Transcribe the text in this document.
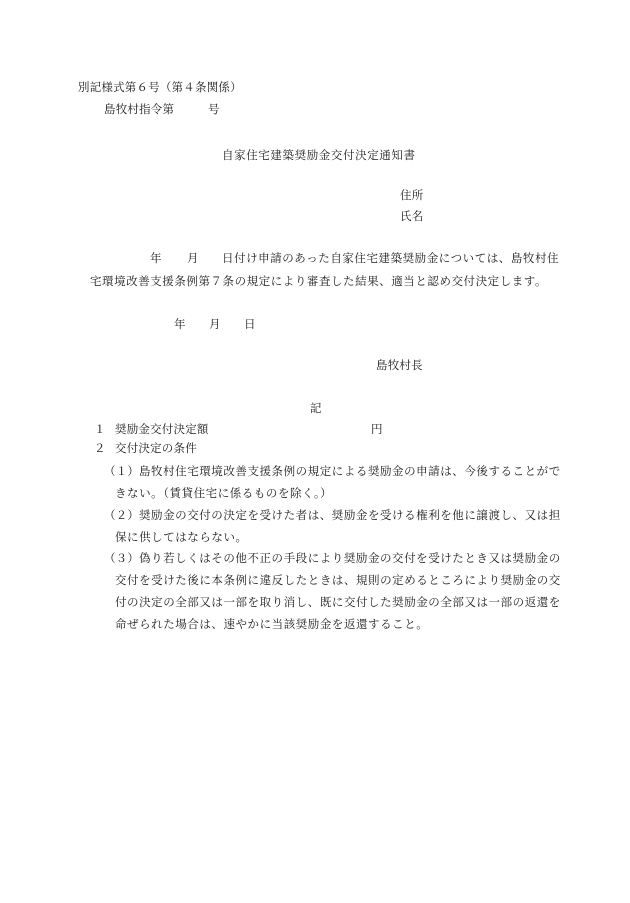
別記様式第６号（第４条関係）
島牧村指令第	号
自家住宅建築奨励金交付決定通知書
住所
氏名
年 月 日付け申請のあった自家住宅建築奨励金については、島牧村住
宅環境改善支援条例第７条の規定により審査した結果、適当と認め交付決定します。
年 月 日
島牧村長
記
１ 奨励金交付決定額	円
２ 交付決定の条件
（１） 島牧村住宅環境改善支援条例の規定による奨励金の申請は、今後することがで
きない。（賃貸住宅に係るものを除く。）
（２） 奨励金の交付の決定を受けた者は、奨励金を受ける権利を他に譲渡し、又は担
保に供してはならない。
（３） 偽り若しくはその他不正の手段により奨励金の交付を受けたとき又は奨励金の
交付を受けた後に本条例に違反したときは、規則の定めるところにより奨励金の交
付の決定の全部又は一部を取り消し、既に交付した奨励金の全部又は一部の返還を
命ぜられた場合は、速やかに当該奨励金を返還すること。
